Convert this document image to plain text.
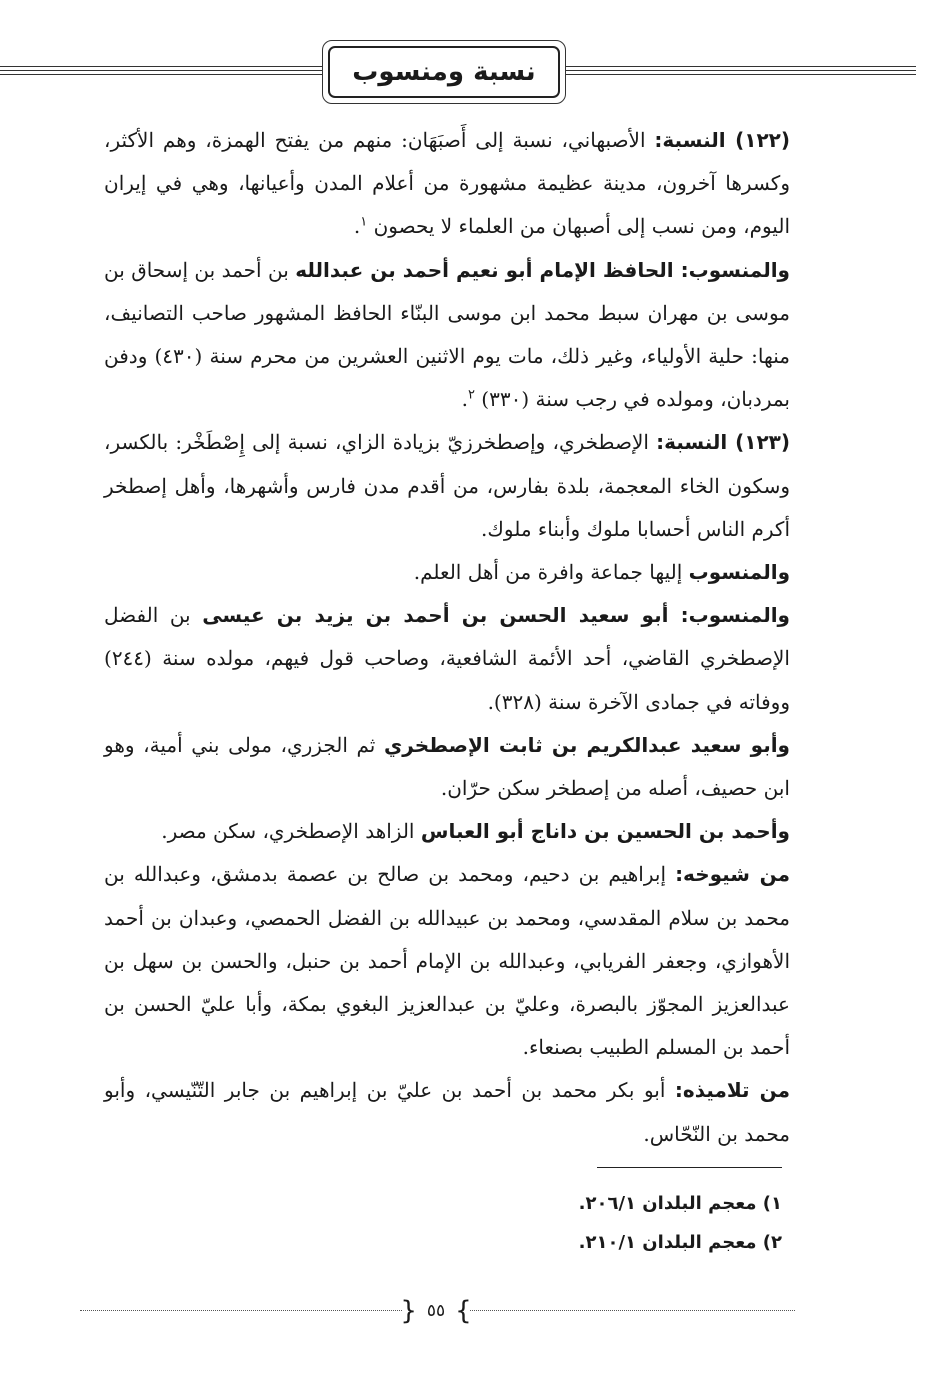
نسبة ومنسوب

(١٢٢) النسبة: الأصبهاني، نسبة إلى أَصبَهَان: منهم من يفتح الهمزة، وهم الأكثر، وكسرها آخرون، مدينة عظيمة مشهورة من أعلام المدن وأعيانها، وهي في إيران اليوم، ومن نسب إلى أصبهان من العلماء لا يحصون $^١$.

والمنسوب: الحافظ الإمام أبو نعيم أحمد بن عبدالله بن أحمد بن إسحاق بن موسى بن مهران سبط محمد ابن موسى البنّاء الحافظ المشهور صاحب التصانيف، منها: حلية الأولياء، وغير ذلك، مات يوم الاثنين العشرين من محرم سنة (٤٣٠) ودفن بمردبان، ومولده في رجب سنة (٣٣٠) $^٢$.

(١٢٣) النسبة: الإصطخري، وإصطخرزيّ بزيادة الزاي، نسبة إلى إِصْطَخْر: بالكسر، وسكون الخاء المعجمة، بلدة بفارس، من أقدم مدن فارس وأشهرها، وأهل إصطخر أكرم الناس أحسابا ملوك وأبناء ملوك.

والمنسوب إليها جماعة وافرة من أهل العلم.

والمنسوب: أبو سعيد الحسن بن أحمد بن يزيد بن عيسى بن الفضل الإصطخري القاضي، أحد الأئمة الشافعية، وصاحب قول فيهم، مولده سنة (٢٤٤) ووفاته في جمادى الآخرة سنة (٣٢٨).

وأبو سعيد عبدالكريم بن ثابت الإصطخري ثم الجزري، مولى بني أمية، وهو ابن حصيف، أصله من إصطخر سكن حرّان.

وأحمد بن الحسين بن داناج أبو العباس الزاهد الإصطخري، سكن مصر.

من شيوخه: إبراهيم بن دحيم، ومحمد بن صالح بن عصمة بدمشق، وعبدالله بن محمد بن سلام المقدسي، ومحمد بن عبيدالله بن الفضل الحمصي، وعبدان بن أحمد الأهوازي، وجعفر الفريابي، وعبدالله بن الإمام أحمد بن حنبل، والحسن بن سهل بن عبدالعزيز المجوّز بالبصرة، وعليّ بن عبدالعزيز البغوي بمكة، وأبا عليّ الحسن بن أحمد بن المسلم الطبيب بصنعاء.

من تلاميذه: أبو بكر محمد بن أحمد بن عليّ بن إبراهيم بن جابر التّنّيسي، وأبو محمد بن النّحّاس.

١) معجم البلدان ٢٠٦/١.

٢) معجم البلدان ٢١٠/١.

} ٥٥ {
